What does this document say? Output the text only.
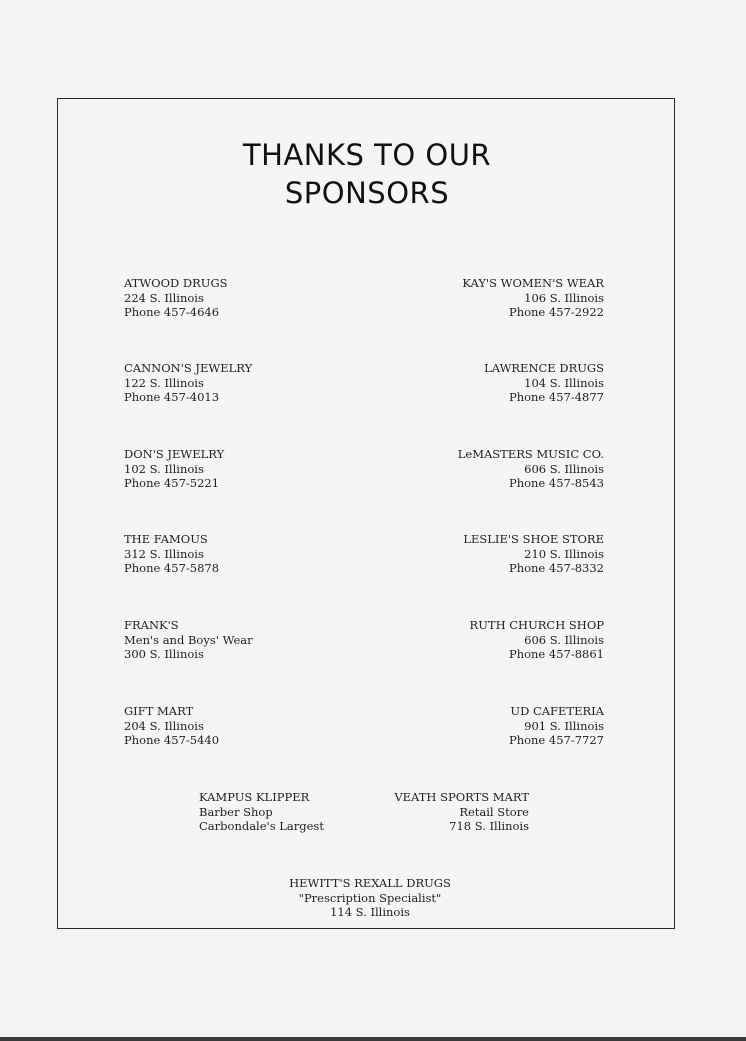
THANKS TO OUR
SPONSORS
ATWOOD DRUGS
224 S. Illinois
Phone 457-4646
CANNON'S JEWELRY
122 S. Illinois
Phone 457-4013
DON'S JEWELRY
102 S. Illinois
Phone 457-5221
THE FAMOUS
312 S. Illinois
Phone 457-5878
FRANK'S
Men's and Boys' Wear
300 S. Illinois
GIFT MART
204 S. Illinois
Phone 457-5440
KAY'S WOMEN'S WEAR
106 S. Illinois
Phone 457-2922
LAWRENCE DRUGS
104 S. Illinois
Phone 457-4877
LeMASTERS MUSIC CO.
606 S. Illinois
Phone 457-8543
LESLIE'S SHOE STORE
210 S. Illinois
Phone 457-8332
RUTH CHURCH SHOP
606 S. Illinois
Phone 457-8861
UD CAFETERIA
901 S. Illinois
Phone 457-7727
KAMPUS KLIPPER
Barber Shop
Carbondale's Largest
VEATH SPORTS MART
Retail Store
718 S. Illinois
HEWITT'S REXALL DRUGS
"Prescription Specialist"
114 S. Illinois
